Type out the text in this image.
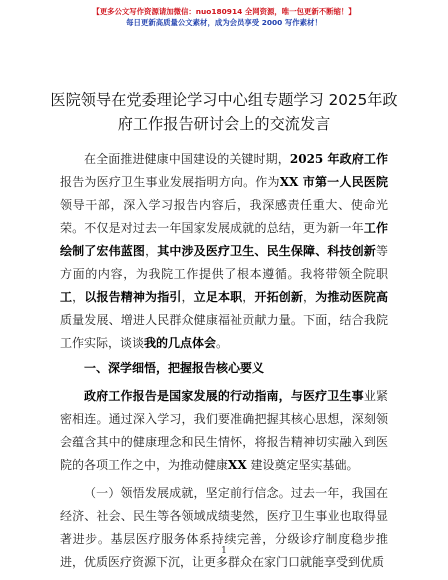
【更多公文写作资源请加微信：nuo180914 全网资源，唯一包更新不断缩！】
每日更新高质量公文素材，成为会员享受 2000 写作素材！
医院领导在党委理论学习中心组专题学习 2025年政府工作报告研讨会上的交流发言

在全面推进健康中国建设的关键时期，2025 年政府工作报告为医疗卫生事业发展指明方向。作为XX 市第一人民医院领导干部，深入学习报告内容后，我深感责任重大、使命光荣。不仅是对过去一年国家发展成就的总结，更为新一年工作绘制了宏伟蓝图，其中涉及医疗卫生、民生保障、科技创新等方面的内容，为我院工作提供了根本遵循。我将带领全院职工，以报告精神为指引，立足本职，开拓创新，为推动医院高质量发展、增进人民群众健康福祉贡献力量。下面，结合我院工作实际，谈谈我的几点体会。

一、深学细悟，把握报告核心要义

政府工作报告是国家发展的行动指南，与医疗卫生事业紧密相连。通过深入学习，我们要准确把握其核心思想，深刻领会蕴含其中的健康理念和民生情怀，将报告精神切实融入到医院的各项工作之中，为推动健康XX 建设奠定坚实基础。

（一）领悟发展成就，坚定前行信念。过去一年，我国在经济、社会、民生等各领域成绩斐然，医疗卫生事业也取得显著进步。基层医疗服务体系持续完善，分级诊疗制度稳步推进，优质医疗资源下沉，让更多群众在家门口就能享受到优质

1
